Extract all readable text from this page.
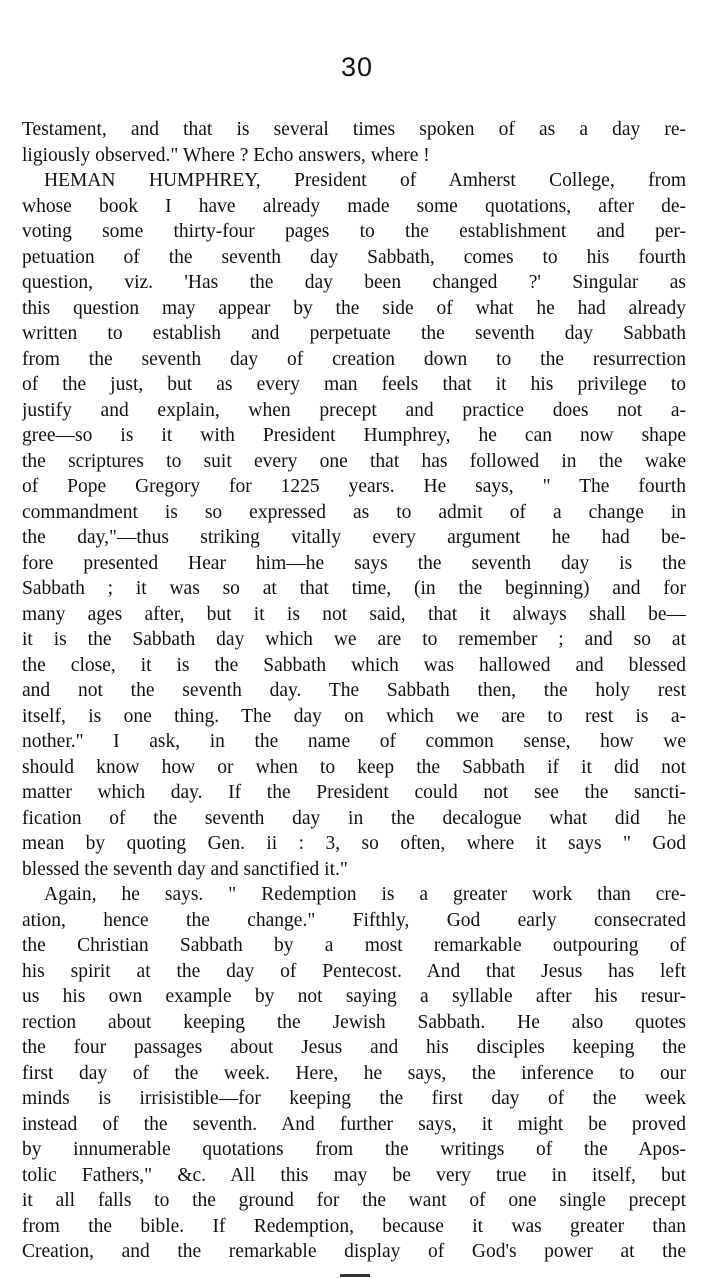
30
Testament, and that is several times spoken of as a day re-
ligiously observed." Where ? Echo answers, where !
HEMAN HUMPHREY, President of Amherst College, from
whose book I have already made some quotations, after de-
voting some thirty-four pages to the establishment and per-
petuation of the seventh day Sabbath, comes to his fourth
question, viz. 'Has the day been changed ?' Singular as
this question may appear by the side of what he had already
written to establish and perpetuate the seventh day Sabbath
from the seventh day of creation down to the resurrection
of the just, but as every man feels that it his privilege to
justify and explain, when precept and practice does not a-
gree—so is it with President Humphrey, he can now shape
the scriptures to suit every one that has followed in the wake
of Pope Gregory for 1225 years. He says, " The fourth
commandment is so expressed as to admit of a change in
the day,"—thus striking vitally every argument he had be-
fore presented Hear him—he says the seventh day is the
Sabbath ; it was so at that time, (in the beginning) and for
many ages after, but it is not said, that it always shall be—
it is the Sabbath day which we are to remember ; and so at
the close, it is the Sabbath which was hallowed and blessed
and not the seventh day. The Sabbath then, the holy rest
itself, is one thing. The day on which we are to rest is a-
nother." I ask, in the name of common sense, how we
should know how or when to keep the Sabbath if it did not
matter which day. If the President could not see the sancti-
fication of the seventh day in the decalogue what did he
mean by quoting Gen. ii : 3, so often, where it says " God
blessed the seventh day and sanctified it."
Again, he says. " Redemption is a greater work than cre-
ation, hence the change." Fifthly, God early consecrated
the Christian Sabbath by a most remarkable outpouring of
his spirit at the day of Pentecost. And that Jesus has left
us his own example by not saying a syllable after his resur-
rection about keeping the Jewish Sabbath. He also quotes
the four passages about Jesus and his disciples keeping the
first day of the week. Here, he says, the inference to our
minds is irrisistible—for keeping the first day of the week
instead of the seventh. And further says, it might be proved
by innumerable quotations from the writings of the Apos-
tolic Fathers," &c. All this may be very true in itself, but
it all falls to the ground for the want of one single precept
from the bible. If Redemption, because it was greater than
Creation, and the remarkable display of God's power at the
